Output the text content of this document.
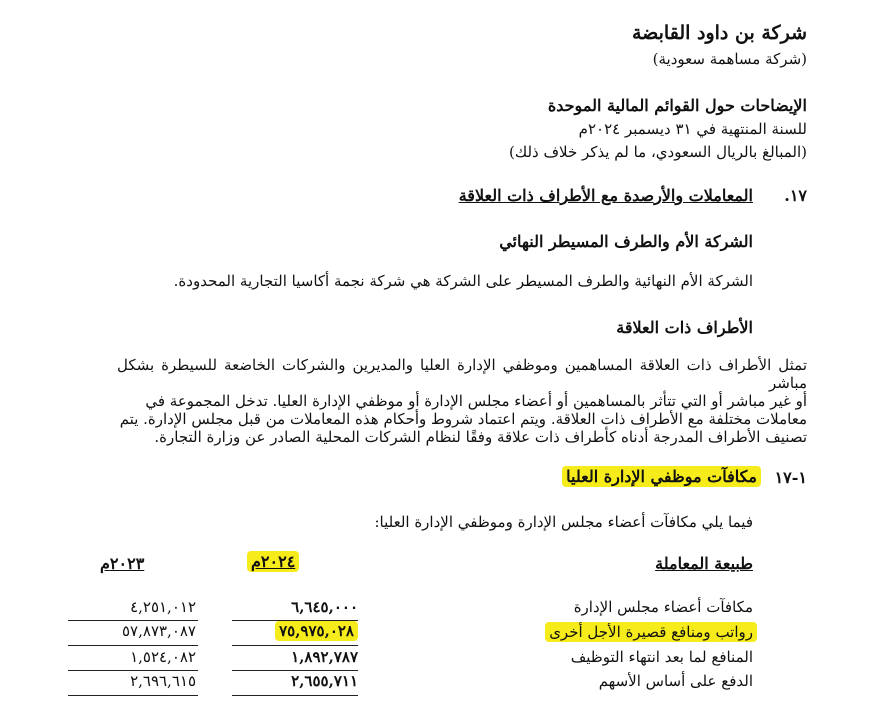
شركة بن داود القابضة
(شركة مساهمة سعودية)
الإيضاحات حول القوائم المالية الموحدة
للسنة المنتهية في ٣١ ديسمبر ٢٠٢٤م
(المبالغ بالريال السعودي، ما لم يذكر خلاف ذلك)
١٧.
المعاملات والأرصدة مع الأطراف ذات العلاقة
الشركة الأم والطرف المسيطر النهائي
الشركة الأم النهائية والطرف المسيطر على الشركة هي شركة نجمة أكاسيا التجارية المحدودة.
الأطراف ذات العلاقة
تمثل الأطراف ذات العلاقة المساهمين وموظفي الإدارة العليا والمديرين والشركات الخاضعة للسيطرة بشكل مباشر
أو غير مباشر أو التي تتأثر بالمساهمين أو أعضاء مجلس الإدارة أو موظفي الإدارة العليا. تدخل المجموعة في
معاملات مختلفة مع الأطراف ذات العلاقة. ويتم اعتماد شروط وأحكام هذه المعاملات من قبل مجلس الإدارة. يتم
تصنيف الأطراف المدرجة أدناه كأطراف ذات علاقة وفقًا لنظام الشركات المحلية الصادر عن وزارة التجارة.
١-١٧
مكافآت موظفي الإدارة العليا
فيما يلي مكافآت أعضاء مجلس الإدارة وموظفي الإدارة العليا:
طبيعة المعاملة
٢٠٢٤م
٢٠٢٣م
مكافآت أعضاء مجلس الإدارة
٦,٦٤٥,٠٠٠
٤,٢٥١,٠١٢
رواتب ومنافع قصيرة الأجل أخرى
٧٥,٩٧٥,٠٢٨
٥٧,٨٧٣,٠٨٧
المنافع لما بعد انتهاء التوظيف
١,٨٩٢,٧٨٧
١,٥٢٤,٠٨٢
الدفع على أساس الأسهم
٢,٦٥٥,٧١١
٢,٦٩٦,٦١٥
